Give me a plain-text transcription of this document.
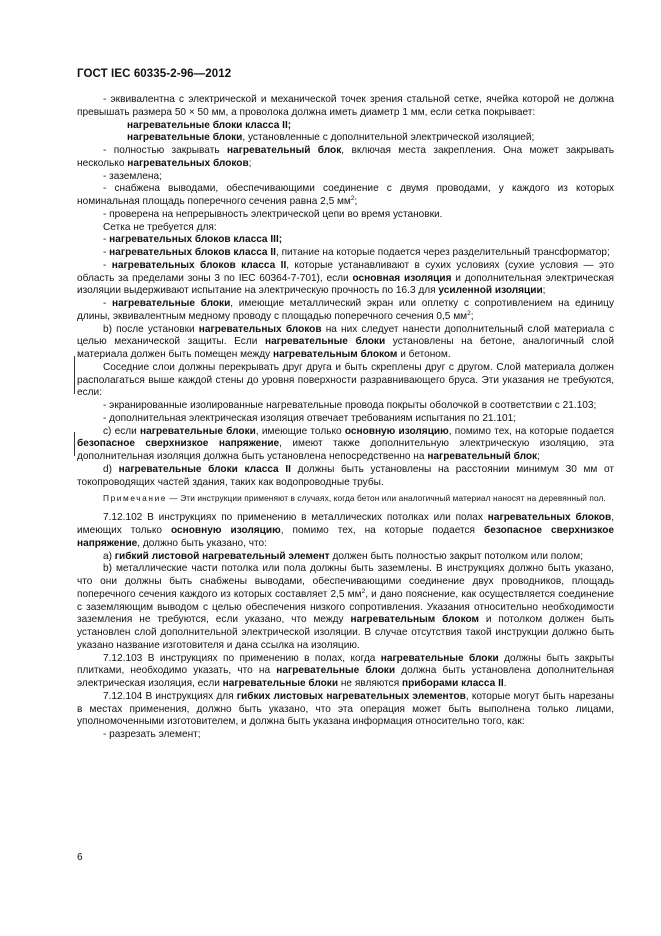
ГОСТ IEC 60335-2-96—2012

- эквивалентна с электрической и механической точек зрения стальной сетке, ячейка которой не должна превышать размера 50 × 50 мм, а проволока должна иметь диаметр 1 мм, если сетка покрывает:

нагревательные блоки класса II;

нагревательные блоки, установленные с дополнительной электрической изоляцией;

- полностью закрывать нагревательный блок, включая места закрепления. Она может закрывать несколько нагревательных блоков;

- заземлена;

- снабжена выводами, обеспечивающими соединение с двумя проводами, у каждого из которых номинальная площадь поперечного сечения равна 2,5 $мм^2$;

- проверена на непрерывность электрической цепи во время установки.

Сетка не требуется для:

- нагревательных блоков класса III;

- нагревательных блоков класса II, питание на которые подается через разделительный трансформатор;

- нагревательных блоков класса II, которые устанавливают в сухих условиях (сухие условия — это область за пределами зоны 3 по IEC 60364-7-701), если основная изоляция и дополнительная электрическая изоляции выдерживают испытание на электрическую прочность по 16.3 для усиленной изоляции;

- нагревательные блоки, имеющие металлический экран или оплетку с сопротивлением на единицу длины, эквивалентным медному проводу с площадью поперечного сечения 0,5 $мм^2$;

b) после установки нагревательных блоков на них следует нанести дополнительный слой материала с целью механической защиты. Если нагревательные блоки установлены на бетоне, аналогичный слой материала должен быть помещен между нагревательным блоком и бетоном.

Соседние слои должны перекрывать друг друга и быть скреплены друг с другом. Слой материала должен располагаться выше каждой стены до уровня поверхности разравнивающего бруса. Эти указания не требуются, если:

- экранированные изолированные нагревательные провода покрыты оболочкой в соответствии с 21.103;

- дополнительная электрическая изоляция отвечает требованиям испытания по 21.101;

c) если нагревательные блоки, имеющие только основную изоляцию, помимо тех, на которые подается безопасное сверхнизкое напряжение, имеют также дополнительную электрическую изоляцию, эта дополнительная изоляция должна быть установлена непосредственно на нагревательный блок;

d) нагревательные блоки класса II должны быть установлены на расстоянии минимум 30 мм от токопроводящих частей здания, таких как водопроводные трубы.

Примечание — Эти инструкции применяют в случаях, когда бетон или аналогичный материал наносят на деревянный пол.

7.12.102 В инструкциях по применению в металлических потолках или полах нагревательных блоков, имеющих только основную изоляцию, помимо тех, на которые подается безопасное сверхнизкое напряжение, должно быть указано, что:

a) гибкий листовой нагревательный элемент должен быть полностью закрыт потолком или полом;

b) металлические части потолка или пола должны быть заземлены. В инструкциях должно быть указано, что они должны быть снабжены выводами, обеспечивающими соединение двух проводников, площадь поперечного сечения каждого из которых составляет 2,5 $мм^2$, и дано пояснение, как осуществляется соединение с заземляющим выводом с целью обеспечения низкого сопротивления. Указания относительно необходимости заземления не требуются, если указано, что между нагревательным блоком и потолком должен быть установлен слой дополнительной электрической изоляции. В случае отсутствия такой инструкции должно быть указано название изготовителя и дана ссылка на изоляцию.

7.12.103 В инструкциях по применению в полах, когда нагревательные блоки должны быть закрыты плитками, необходимо указать, что на нагревательные блоки должна быть установлена дополнительная электрическая изоляция, если нагревательные блоки не являются приборами класса II.

7.12.104 В инструкциях для гибких листовых нагревательных элементов, которые могут быть нарезаны в местах применения, должно быть указано, что эта операция может быть выполнена только лицами, уполномоченными изготовителем, и должна быть указана информация относительно того, как:

- разрезать элемент;

6
